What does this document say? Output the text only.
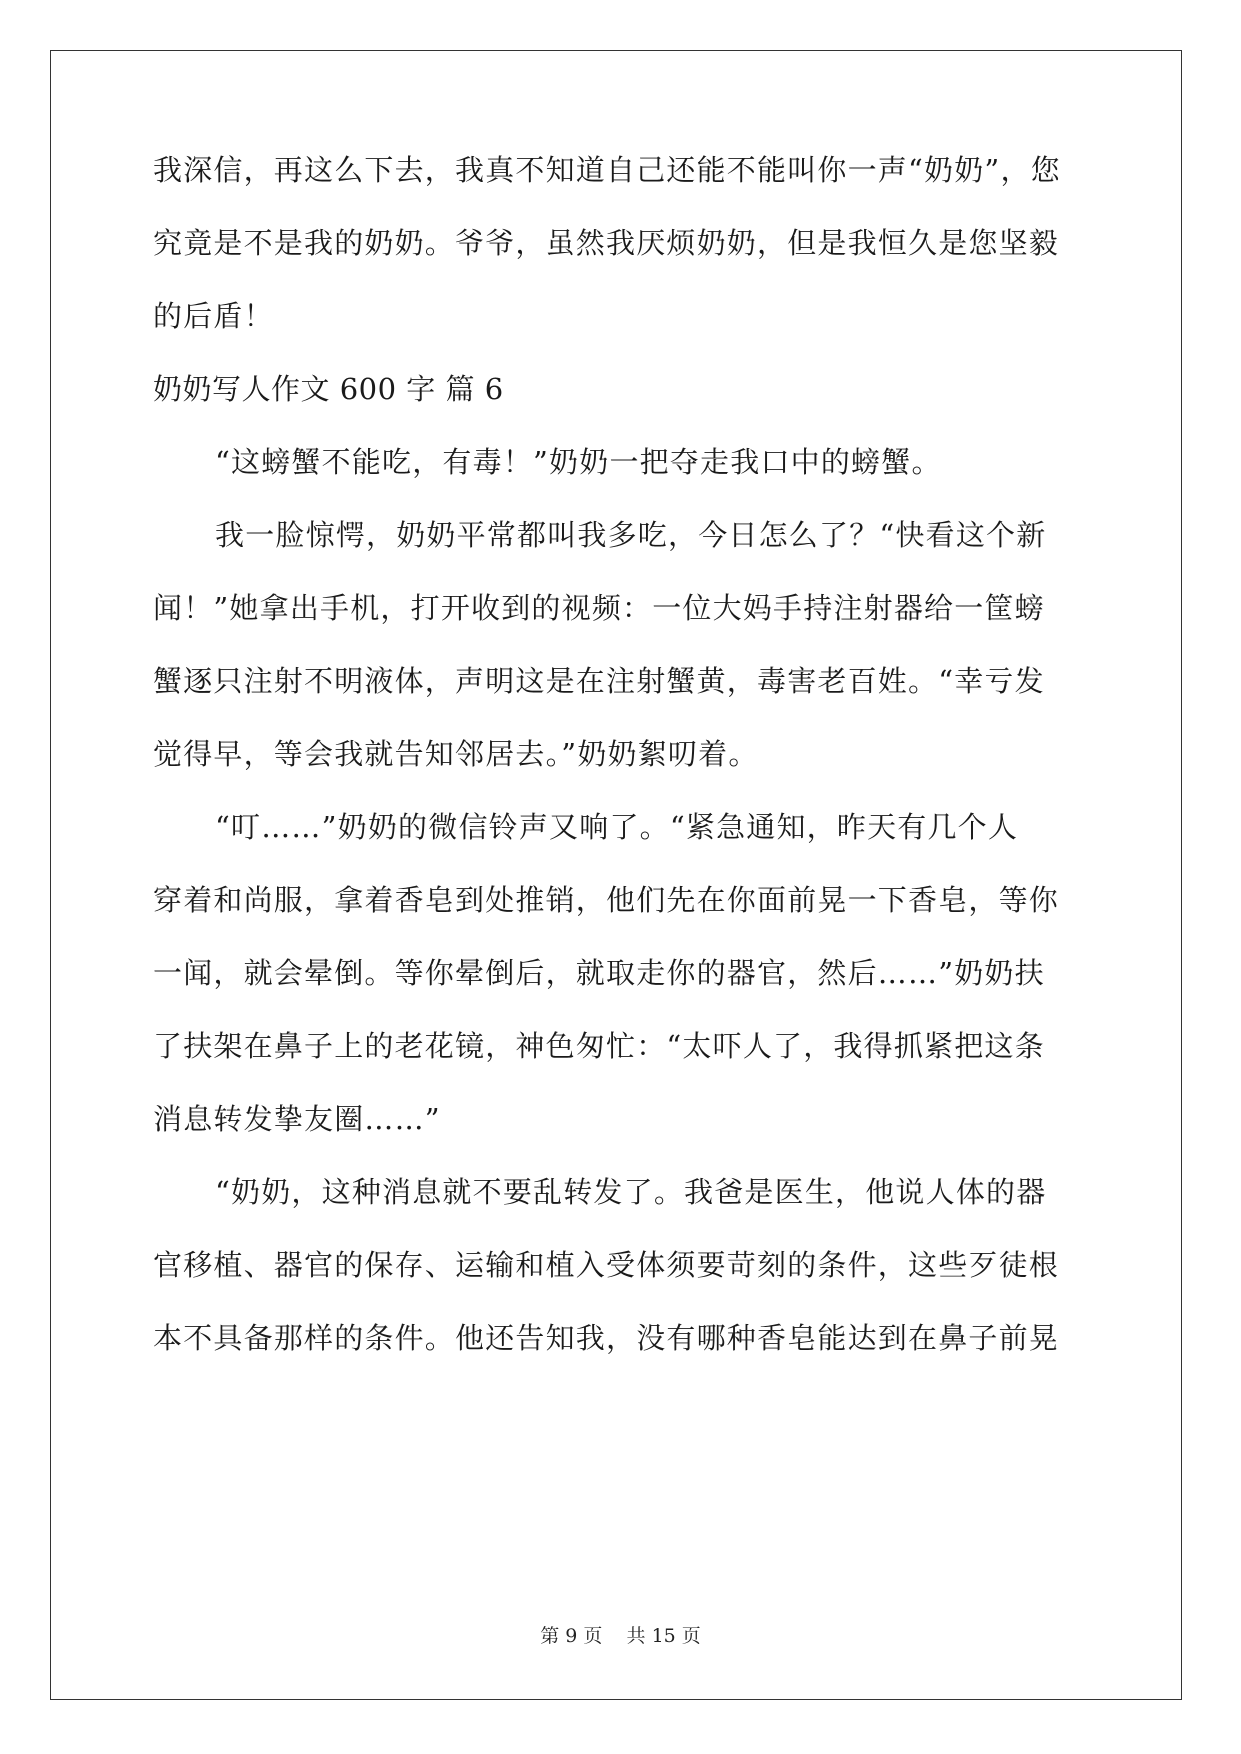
我深信，再这么下去，我真不知道自己还能不能叫你一声“奶奶”，您
究竟是不是我的奶奶。爷爷，虽然我厌烦奶奶，但是我恒久是您坚毅
的后盾！
奶奶写人作文 600 字 篇 6
“这螃蟹不能吃，有毒！”奶奶一把夺走我口中的螃蟹。
我一脸惊愕，奶奶平常都叫我多吃，今日怎么了？“快看这个新
闻！”她拿出手机，打开收到的视频：一位大妈手持注射器给一筐螃
蟹逐只注射不明液体，声明这是在注射蟹黄，毒害老百姓。“幸亏发
觉得早，等会我就告知邻居去。”奶奶絮叨着。
“叮……”奶奶的微信铃声又响了。“紧急通知，昨天有几个人
穿着和尚服，拿着香皂到处推销，他们先在你面前晃一下香皂，等你
一闻，就会晕倒。等你晕倒后，就取走你的器官，然后……”奶奶扶
了扶架在鼻子上的老花镜，神色匆忙：“太吓人了，我得抓紧把这条
消息转发挚友圈……”
“奶奶，这种消息就不要乱转发了。我爸是医生，他说人体的器
官移植、器官的保存、运输和植入受体须要苛刻的条件，这些歹徒根
本不具备那样的条件。他还告知我，没有哪种香皂能达到在鼻子前晃
第 9 页    共 15 页
